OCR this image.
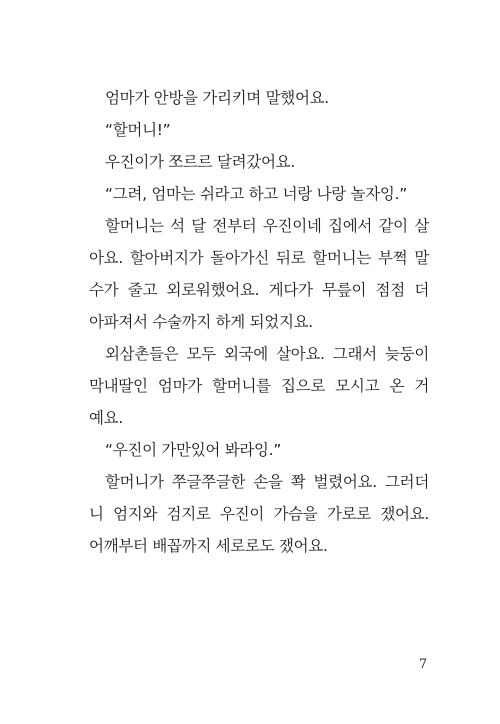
엄마가 안방을 가리키며 말했어요.
“할머니!”
우진이가 쪼르르 달려갔어요.
“그려, 엄마는 쉬라고 하고 너랑 나랑 놀자잉.”
할머니는 석 달 전부터 우진이네 집에서 같이 살
아요. 할아버지가 돌아가신 뒤로 할머니는 부쩍 말
수가 줄고 외로워했어요. 게다가 무릎이 점점 더
아파져서 수술까지 하게 되었지요.
외삼촌들은 모두 외국에 살아요. 그래서 늦둥이
막내딸인 엄마가 할머니를 집으로 모시고 온 거
예요.
“우진이 가만있어 봐라잉.”
할머니가 쭈글쭈글한 손을 쫙 벌렸어요. 그러더
니 엄지와 검지로 우진이 가슴을 가로로 쟀어요.
어깨부터 배꼽까지 세로로도 쟀어요.
7
